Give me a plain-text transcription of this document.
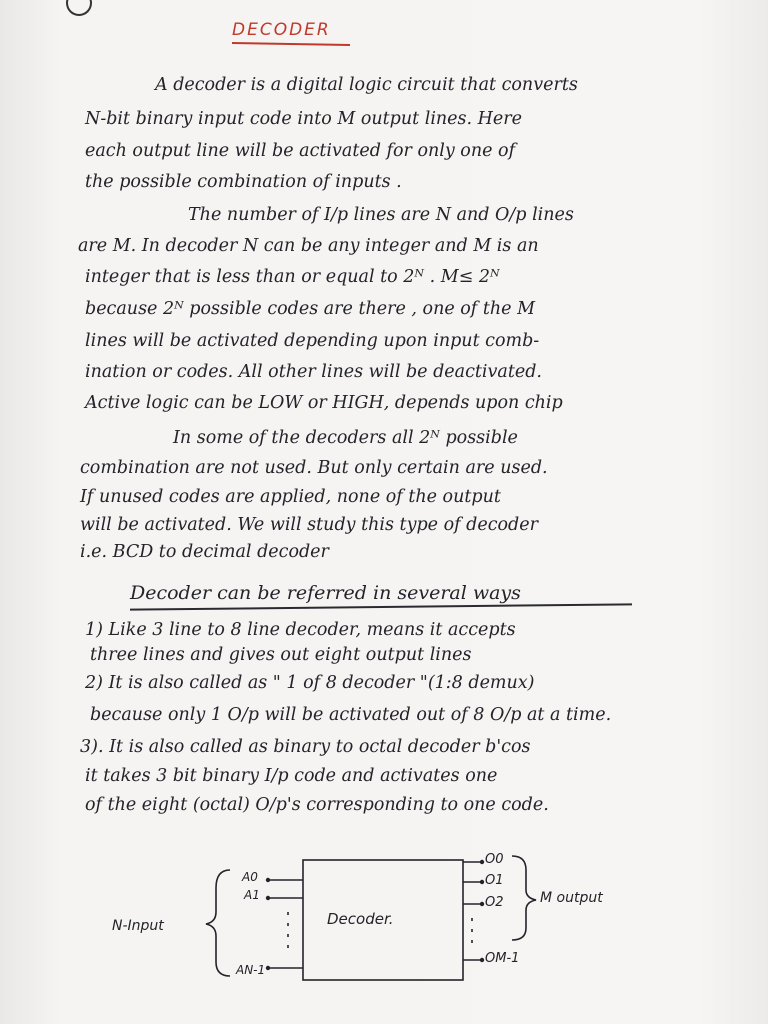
DECODER
A decoder is a digital logic circuit that converts
N-bit binary input code into M output lines. Here
each output line will be activated for only one of
the possible combination of inputs .
The number of I/p lines are N and O/p lines
are M. In decoder N can be any integer and M is an
integer that is less than or equal to 2ᴺ . M≤ 2ᴺ
because 2ᴺ possible codes are there , one of the M
lines will be activated depending upon input comb-
ination or codes. All other lines will be deactivated.
Active logic can be LOW or HIGH, depends upon chip
In some of the decoders all 2ᴺ possible
combination are not used. But only certain are used.
If unused codes are applied, none of the output
will be activated. We will study this type of decoder
i.e. BCD to decimal decoder
Decoder can be referred in several ways
1) Like 3 line to 8 line decoder, means it accepts
three lines and gives out eight output lines
2) It is also called as " 1 of 8 decoder "(1:8 demux)
because only 1 O/p will be activated out of 8 O/p at a time.
3). It is also called as binary to octal decoder b'cos
it takes 3 bit binary I/p code and activates one
of the eight (octal) O/p's corresponding to one code.
Decoder.
N-Input
M output
A0
A1
AN-1
O0
O1
O2
OM-1
